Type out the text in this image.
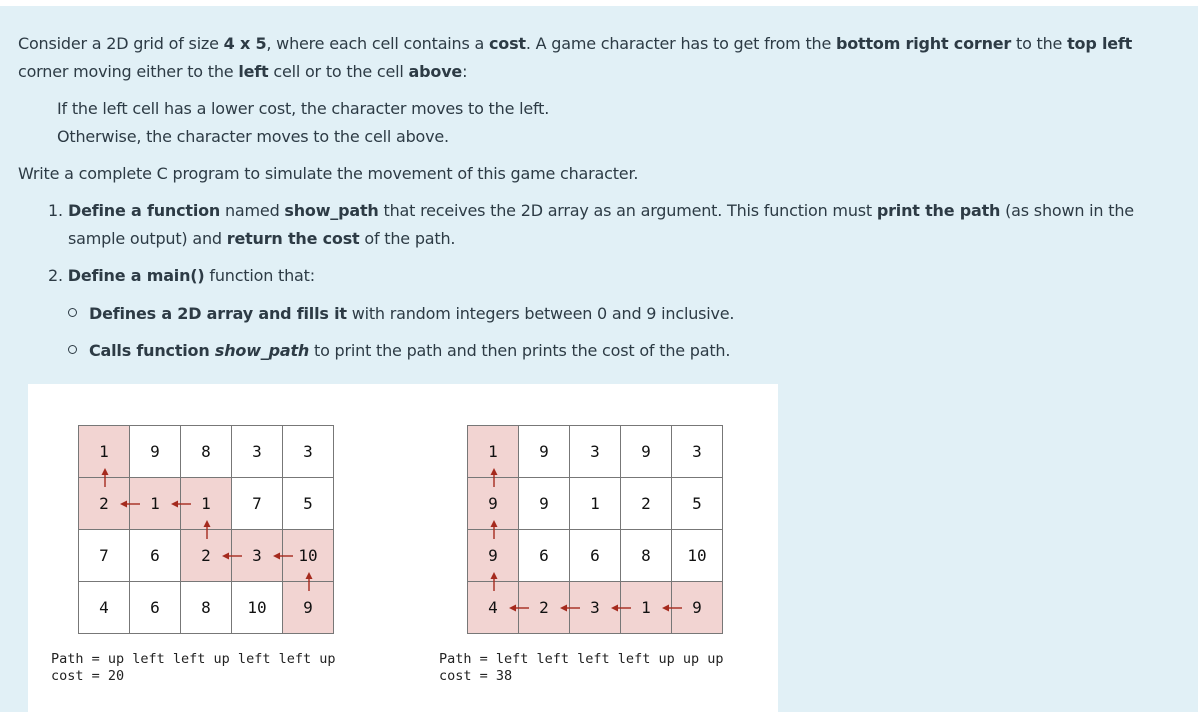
Consider a 2D grid of size 4 x 5, where each cell contains a cost. A game character has to get from the bottom right corner to the top left corner moving either to the left cell or to the cell above:
If the left cell has a lower cost, the character moves to the left.
Otherwise, the character moves to the cell above.
Write a complete C program to simulate the movement of this game character.
1. Define a function named show_path that receives the 2D array as an argument. This function must print the path (as shown in the sample output) and return the cost of the path.
2. Define a main() function that:
Defines a 2D array and fills it with random integers between 0 and 9 inclusive.
Calls function show_path to print the path and then prints the cost of the path.
1	9	8	3	3
2	1	1	7	5
7	6	2	3	10
4	6	8	10	9
1	9	3	9	3
9	9	1	2	5
9	6	6	8	10
4	2	3	1	9
Path = up left left up left left up
cost = 20
Path = left left left left up up up
cost = 38
